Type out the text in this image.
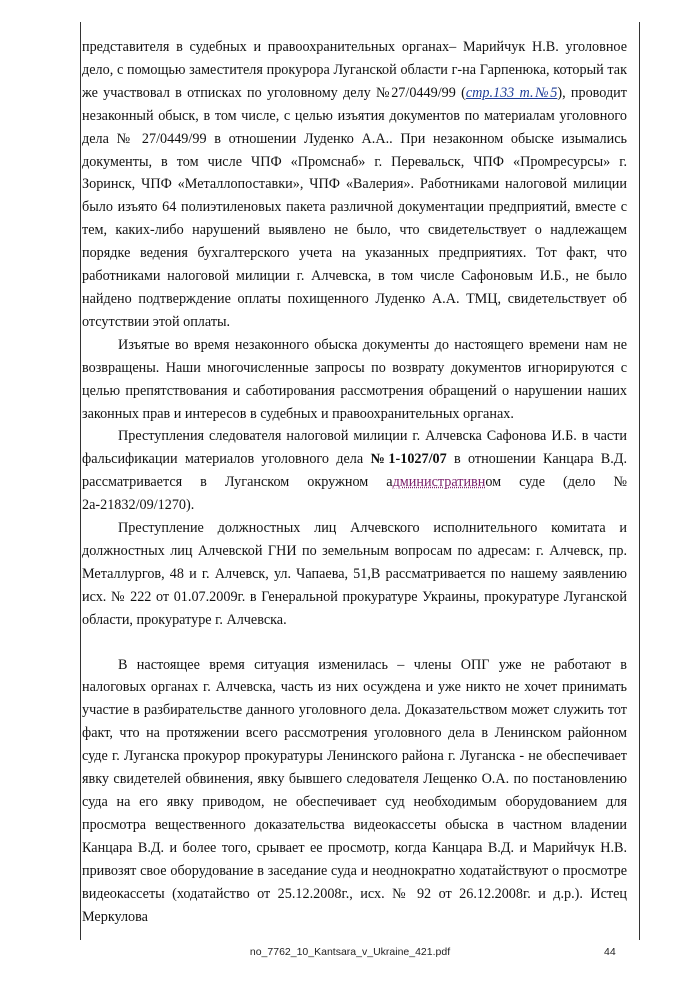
представителя в судебных и правоохранительных органах– Марийчук Н.В. уголовное дело, с помощью заместителя прокурора Луганской области г-на Гарпенюка, который так же участвовал в отписках по уголовному делу №27/0449/99 (стр.133 т.№5), проводит незаконный обыск, в том числе, с целью изъятия документов по материалам уголовного дела № 27/0449/99 в отношении Луденко А.А.. При незаконном обыске изымались документы, в том числе ЧПФ «Промснаб» г. Перевальск, ЧПФ «Промресурсы» г. Зоринск, ЧПФ «Металлопоставки», ЧПФ «Валерия». Работниками налоговой милиции было изъято 64 полиэтиленовых пакета различной документации предприятий, вместе с тем, каких-либо нарушений выявлено не было, что свидетельствует о надлежащем порядке ведения бухгалтерского учета на указанных предприятиях. Тот факт, что работниками налоговой милиции г. Алчевска, в том числе Сафоновым И.Б., не было найдено подтверждение оплаты похищенного Луденко А.А. ТМЦ, свидетельствует об отсутствии этой оплаты.

Изъятые во время незаконного обыска документы до настоящего времени нам не возвращены. Наши многочисленные запросы по возврату документов игнорируются с целью препятствования и саботирования рассмотрения обращений о нарушении наших законных прав и интересов в судебных и правоохранительных органах.

Преступления следователя налоговой милиции г. Алчевска Сафонова И.Б. в части фальсификации материалов уголовного дела №1-1027/07 в отношении Канцара В.Д. рассматривается в Луганском окружном административном суде (дело № 2а-21832/09/1270).

Преступление должностных лиц Алчевского исполнительного комитата и должностных лиц Алчевской ГНИ по земельным вопросам по адресам: г. Алчевск, пр. Металлургов, 48 и г. Алчевск, ул. Чапаева, 51,В рассматривается по нашему заявлению исх. № 222 от 01.07.2009г. в Генеральной прокуратуре Украины, прокуратуре Луганской области, прокуратуре г. Алчевска.

В настоящее время ситуация изменилась – члены ОПГ уже не работают в налоговых органах г. Алчевска, часть из них осуждена и уже никто не хочет принимать участие в разбирательстве данного уголовного дела. Доказательством может служить тот факт, что на протяжении всего рассмотрения уголовного дела в Ленинском районном суде г. Луганска прокурор прокуратуры Ленинского района г. Луганска - не обеспечивает явку свидетелей обвинения, явку бывшего следователя Лещенко О.А. по постановлению суда на его явку приводом, не обеспечивает суд необходимым оборудованием для просмотра вещественного доказательства видеокассеты обыска в частном владении Канцара В.Д. и более того, срывает ее просмотр, когда Канцара В.Д. и Марийчук Н.В. привозят свое оборудование в заседание суда и неоднократно ходатайствуют о просмотре видеокассеты (ходатайство от 25.12.2008г., исх. № 92 от 26.12.2008г. и д.р.). Истец Меркулова

no_7762_10_Kantsara_v_Ukraine_421.pdf	44
